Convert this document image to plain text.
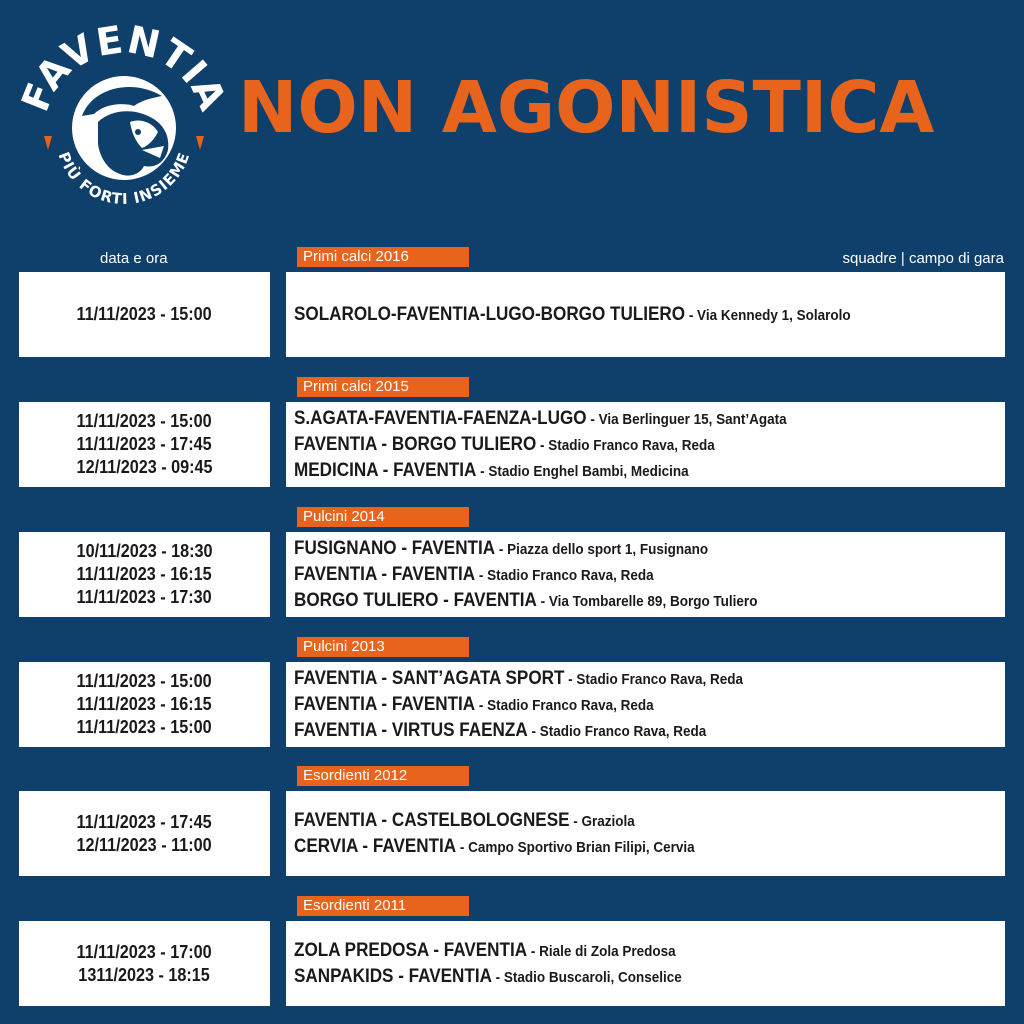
FAVENTI
PIÙ FORTI INSIEME
NON AGONISTICA
data e ora	squadre | campo di gara
Primi calci 2016
11/11/2023 - 15:00	SOLAROLO-FAVENTIA-LUGO-BORGO TULIERO - Via Kennedy 1, Solarolo
Primi calci 2015
11/11/2023 - 15:00
11/11/2023 - 17:45
12/11/2023 - 09:45
S.AGATA-FAVENTIA-FAENZA-LUGO - Via Berlinguer 15, Sant’Agata
FAVENTIA - BORGO TULIERO - Stadio Franco Rava, Reda
MEDICINA - FAVENTIA - Stadio Enghel Bambi, Medicina
Pulcini 2014
10/11/2023 - 18:30
11/11/2023 - 16:15
11/11/2023 - 17:30
FUSIGNANO - FAVENTIA - Piazza dello sport 1, Fusignano
FAVENTIA - FAVENTIA - Stadio Franco Rava, Reda
BORGO TULIERO - FAVENTIA - Via Tombarelle 89, Borgo Tuliero
Pulcini 2013
11/11/2023 - 15:00
11/11/2023 - 16:15
11/11/2023 - 15:00
FAVENTIA - SANT’AGATA SPORT - Stadio Franco Rava, Reda
FAVENTIA - FAVENTIA - Stadio Franco Rava, Reda
FAVENTIA - VIRTUS FAENZA - Stadio Franco Rava, Reda
Esordienti 2012
11/11/2023 - 17:45
12/11/2023 - 11:00
FAVENTIA - CASTELBOLOGNESE - Graziola
CERVIA - FAVENTIA - Campo Sportivo Brian Filipi, Cervia
Esordienti 2011
11/11/2023 - 17:00
1311/2023 - 18:15
ZOLA PREDOSA - FAVENTIA - Riale di Zola Predosa
SANPAKIDS - FAVENTIA - Stadio Buscaroli, Conselice
